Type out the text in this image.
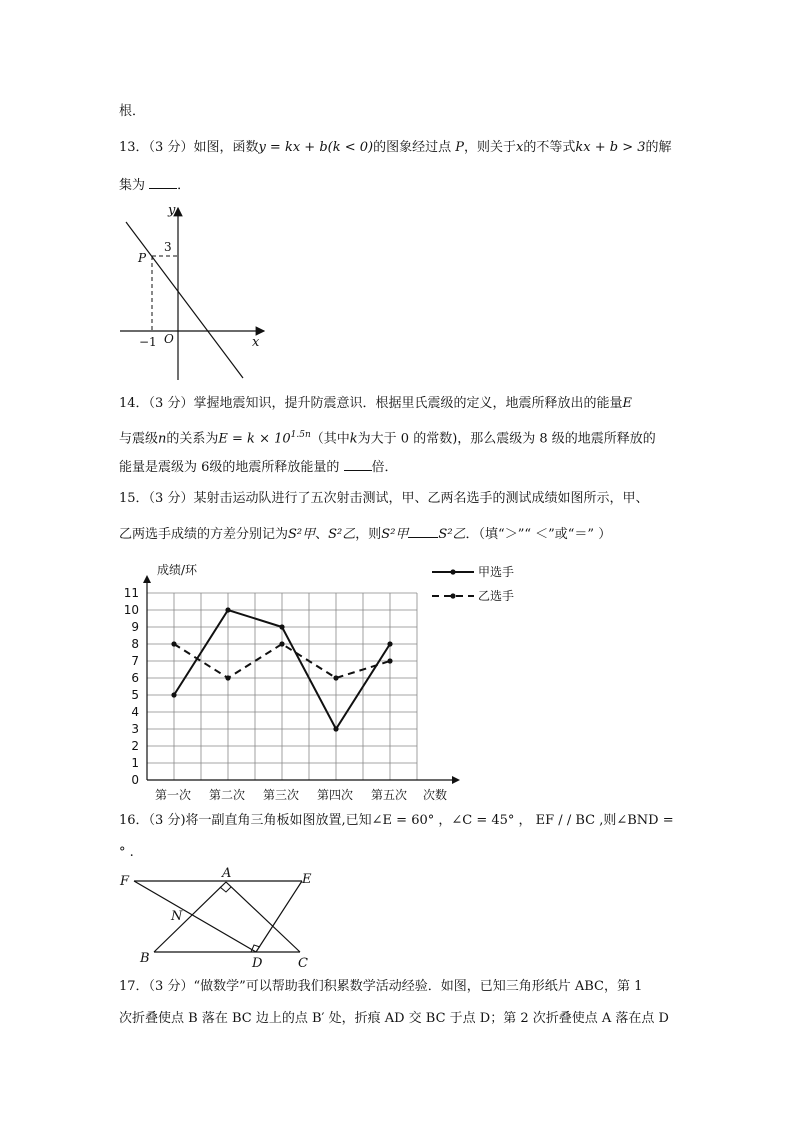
根．
13．（3 分）如图，函数y = kx + b(k < 0)的图象经过点 P，则关于x的不等式kx + b > 3的解
集为 ．
y
x
O
3
−1
P
14．（3 分）掌握地震知识，提升防震意识．根据里氏震级的定义，地震所释放出的能量E
与震级n的关系为$E = k \times 10^{1.5n}$（其中k为大于 0 的常数)，那么震级为 8 级的地震所释放的
能量是震级为 6级的地震所释放能量的 倍．
15．（3 分）某射击运动队进行了五次射击测试，甲、乙两名选手的测试成绩如图所示，甲、
乙两选手成绩的方差分别记为S²甲、S²乙，则S²甲 S²乙．（填“＞”“ ＜”或“＝” ）
0
1
2
3
4
5
6
7
8
9
10
11
第一次 第二次 第三次 第四次 第五次 次数
成绩/环	甲选手
乙选手
16．（3 分)将一副直角三角板如图放置,已知∠E = 60° ，∠C = 45° ， EF / / BC ,则∠BND =
° .
F
A	E
N
B	D	C
17．（3 分）“做数学”可以帮助我们积累数学活动经验．如图，已知三角形纸片 ABC，第 1
次折叠使点 B 落在 BC 边上的点 B′ 处，折痕 AD 交 BC 于点 D；第 2 次折叠使点 A 落在点 D
